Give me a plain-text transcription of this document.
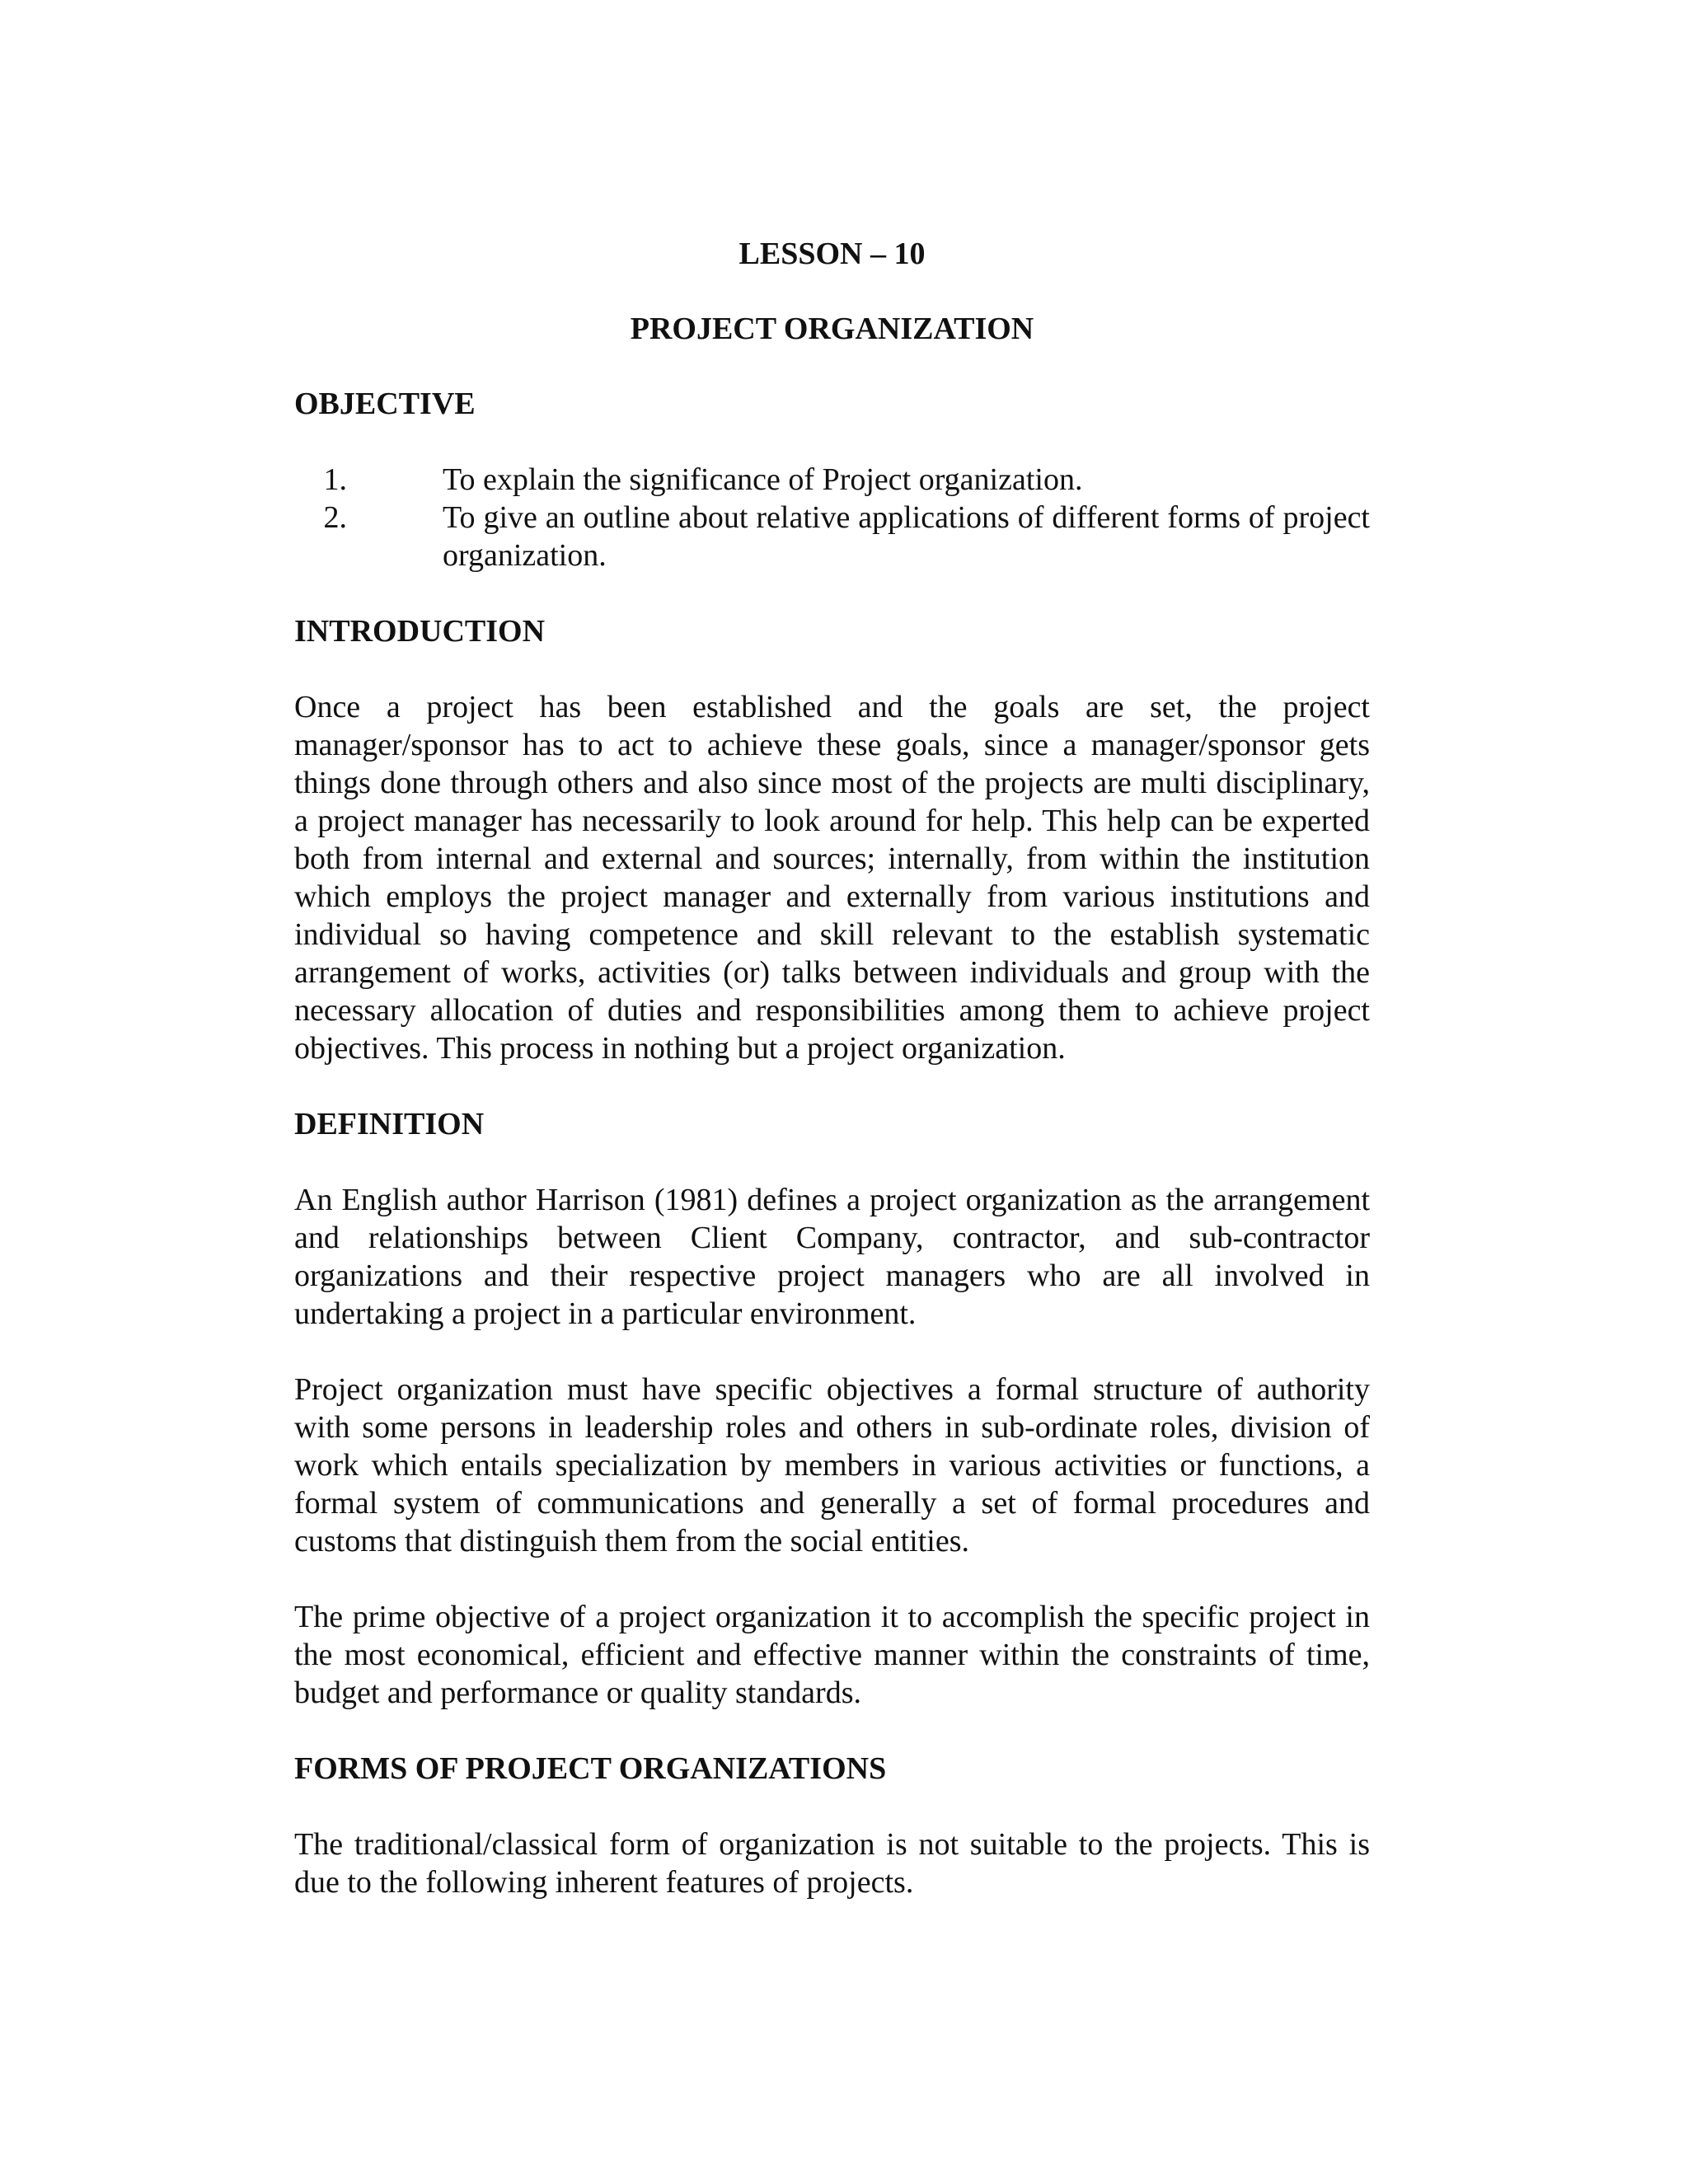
LESSON – 10

PROJECT ORGANIZATION

OBJECTIVE

1.	To explain the significance of Project organization.
2.	To give an outline about relative applications of different forms of project organization.

INTRODUCTION

Once a project has been established and the goals are set, the project manager/sponsor has to act to achieve these goals, since a manager/sponsor gets things done through others and also since most of the projects are multi disciplinary, a project manager has necessarily to look around for help. This help can be experted both from internal and external and sources; internally, from within the institution which employs the project manager and externally from various institutions and individual so having competence and skill relevant to the establish systematic arrangement of works, activities (or) talks between individuals and group with the necessary allocation of duties and responsibilities among them to achieve project objectives. This process in nothing but a project organization.

DEFINITION

An English author Harrison (1981) defines a project organization as the arrangement and relationships between Client Company, contractor, and sub-contractor organizations and their respective project managers who are all involved in undertaking a project in a particular environment.

Project organization must have specific objectives a formal structure of authority with some persons in leadership roles and others in sub-ordinate roles, division of work which entails specialization by members in various activities or functions, a formal system of communications and generally a set of formal procedures and customs that distinguish them from the social entities.

The prime objective of a project organization it to accomplish the specific project in the most economical, efficient and effective manner within the constraints of time, budget and performance or quality standards.

FORMS OF PROJECT ORGANIZATIONS

The traditional/classical form of organization is not suitable to the projects. This is due to the following inherent features of projects.
